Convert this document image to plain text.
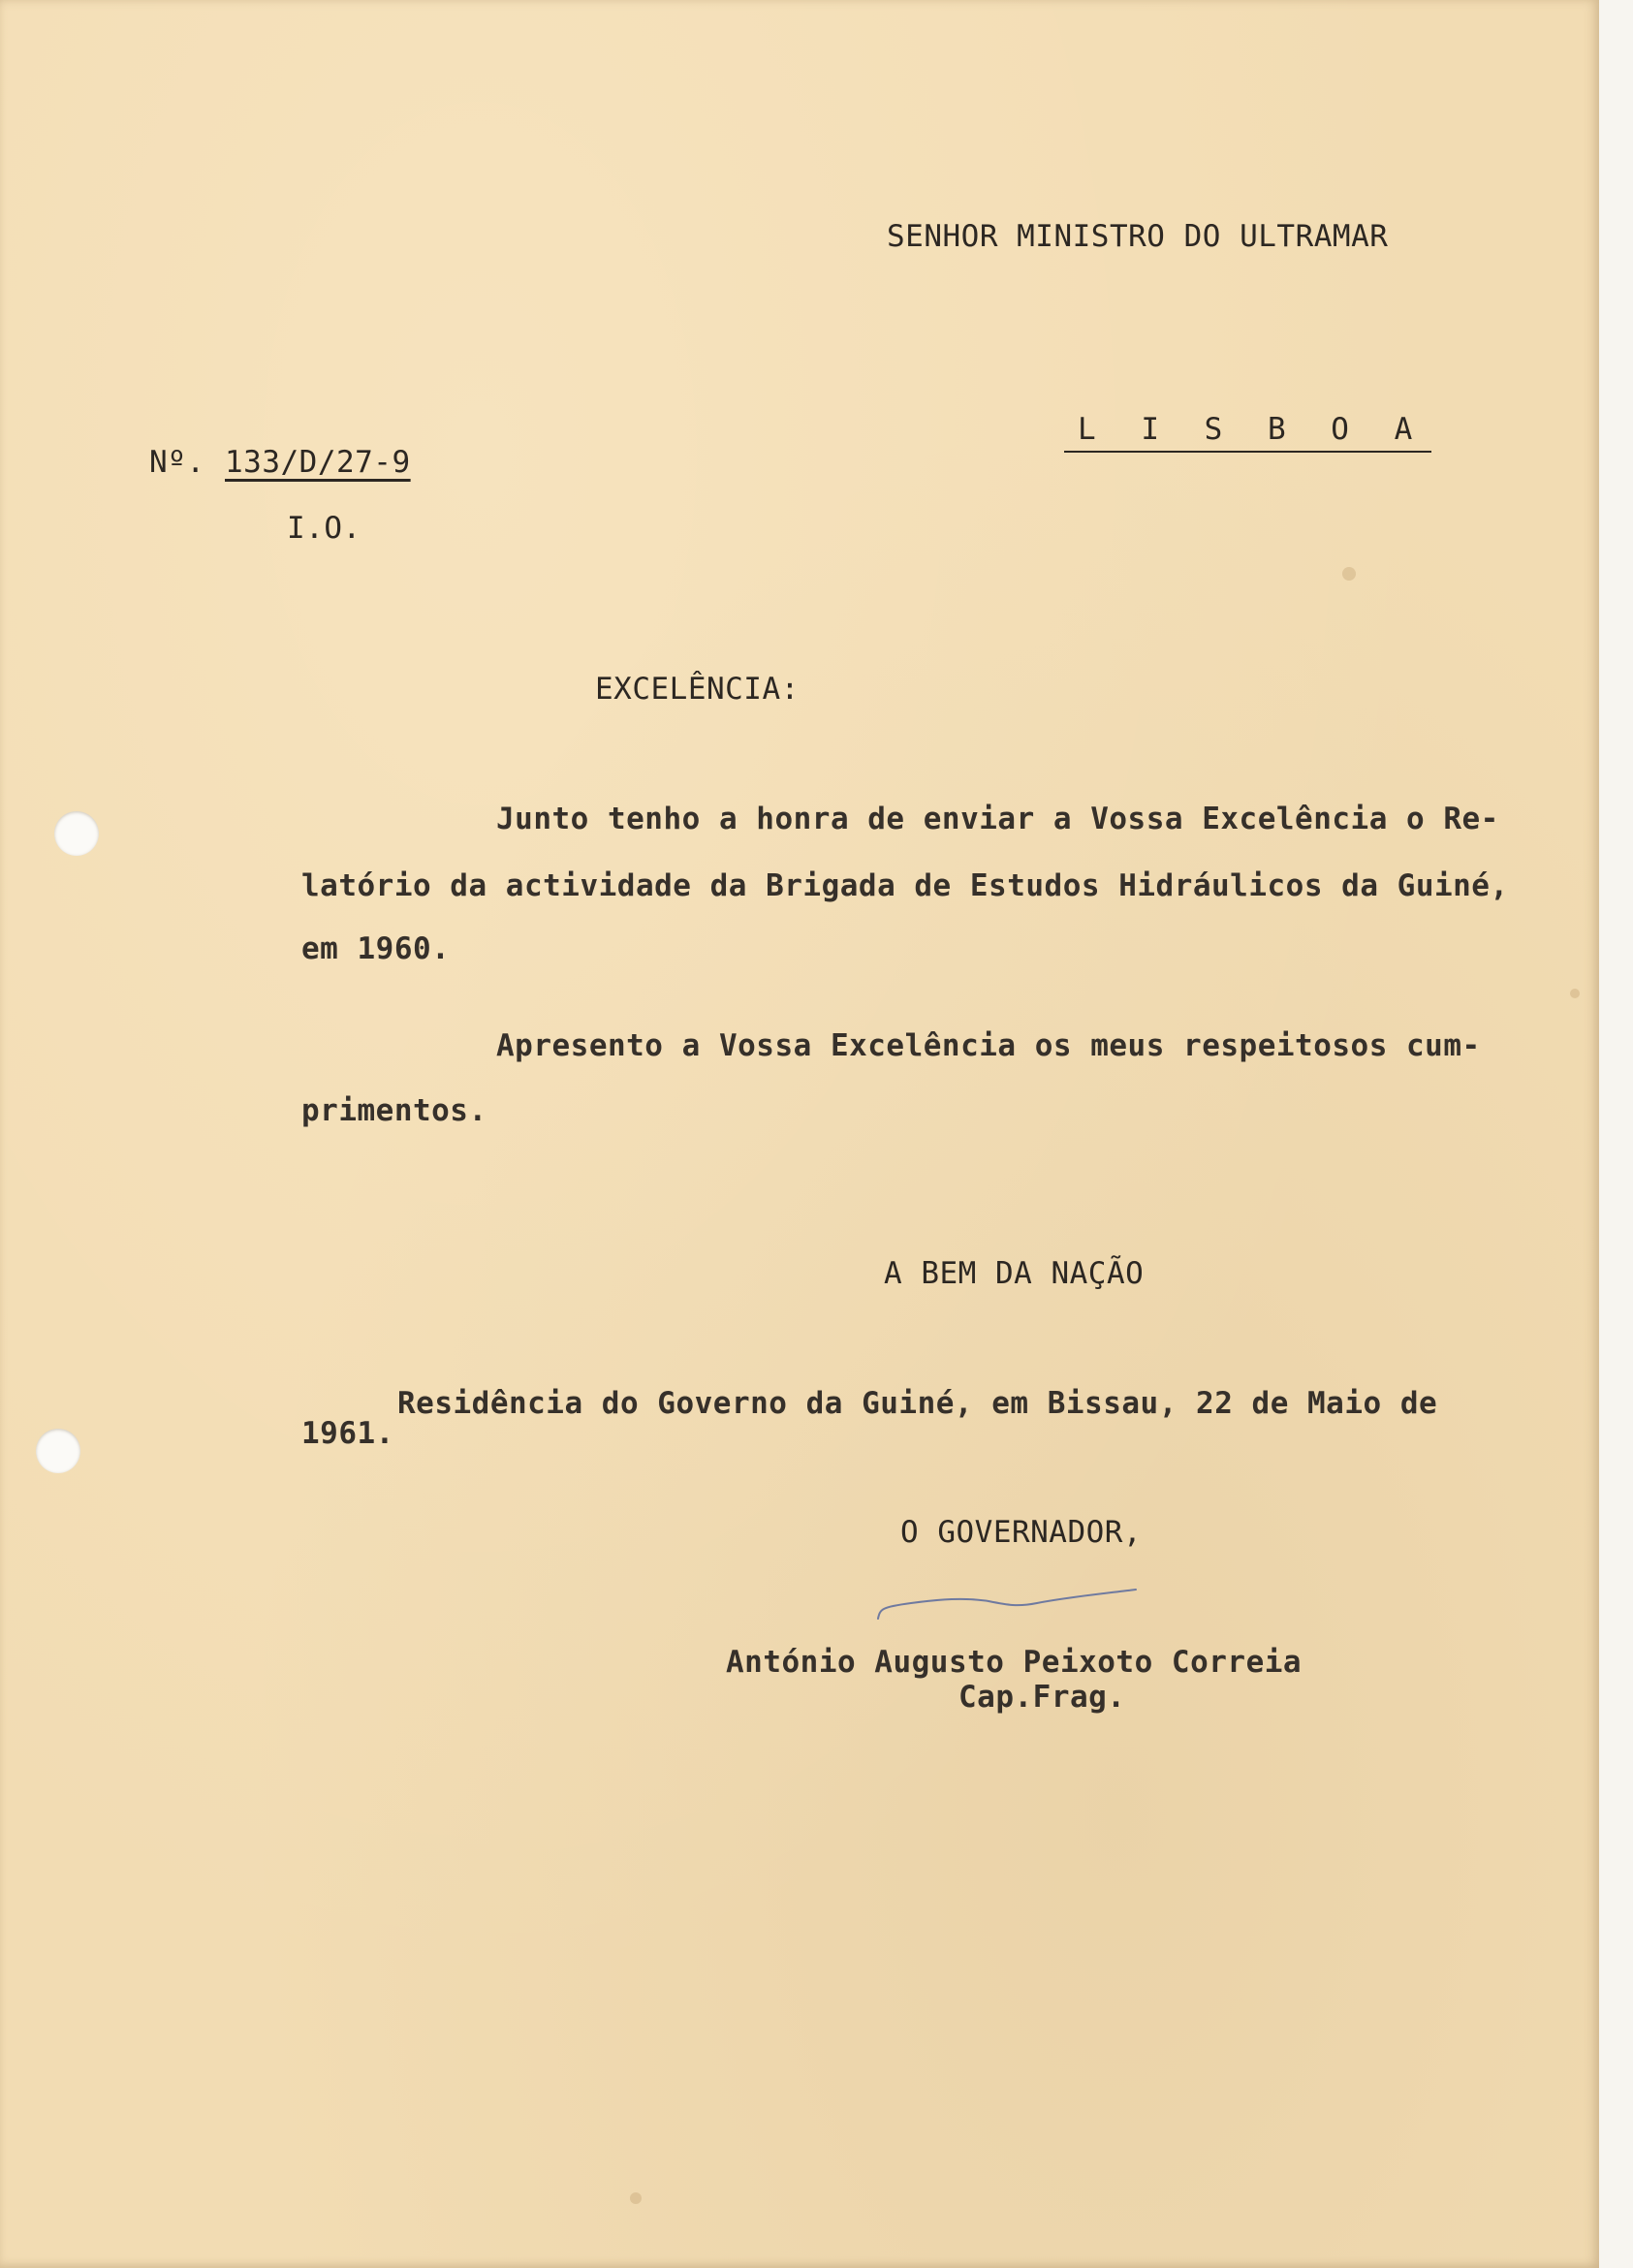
SENHOR MINISTRO DO ULTRAMAR
L I S B O A
Nº. 133/D/27-9
I.O.
EXCELÊNCIA:
Junto tenho a honra de enviar a Vossa Excelência o Re-
latório da actividade da Brigada de Estudos Hidráulicos da Guiné,
em 1960.
Apresento a Vossa Excelência os meus respeitosos cum-
primentos.
A BEM DA NAÇÃO
Residência do Governo da Guiné, em Bissau, 22 de Maio de
1961.
O GOVERNADOR,
António Augusto Peixoto Correia
Cap.Frag.
